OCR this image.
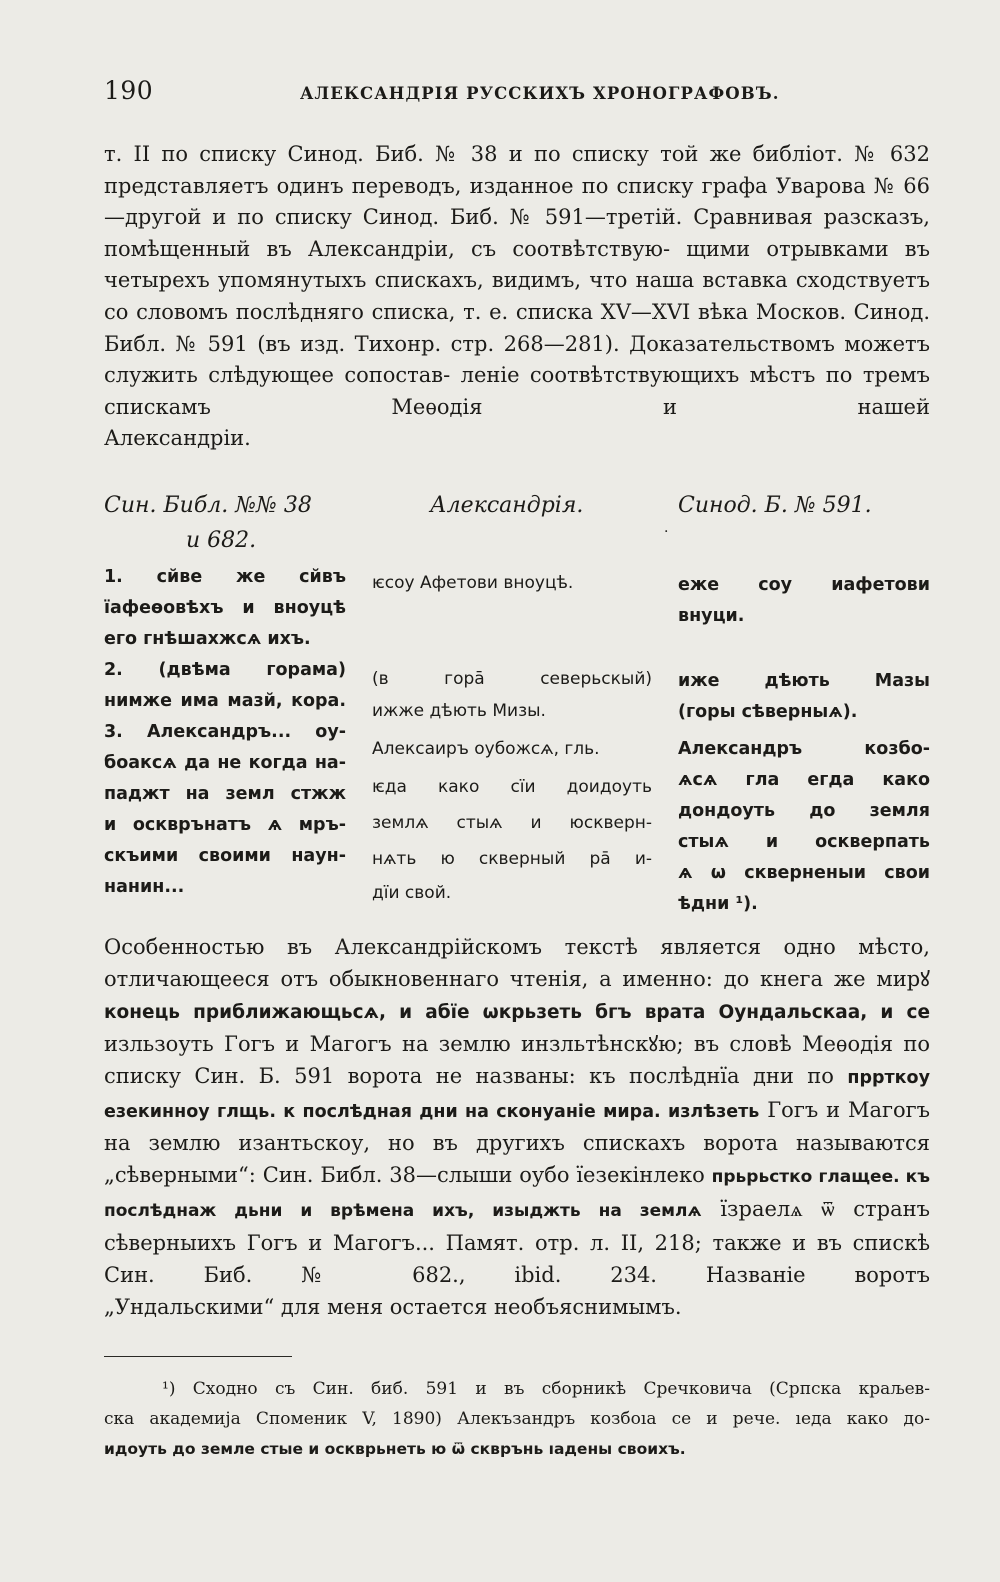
190	АЛЕКСАНДРІЯ РУССКИХЪ ХРОНОГРАФОВЪ.
т. II по списку Синод. Биб. № 38 и по списку той же библіот. № 632 представляетъ одинъ переводъ, изданное по списку графа Уварова № 66—другой и по списку Синод. Биб. № 591—третій. Сравнивая разсказъ, помѣщенный въ Александріи, съ соотвѣтствую- щими отрывками въ четырехъ упомянутыхъ спискахъ, видимъ, что наша вставка сходствуетъ со словомъ послѣдняго списка, т. е. списка XV—XVI вѣка Москов. Синод. Библ. № 591 (въ изд. Тихонр. стр. 268—281). Доказательствомъ можетъ служить слѣдующее сопостав- леніе соотвѣтствующихъ мѣстъ по тремъ спискамъ Меѳодія и нашей
Александріи.
Син. Библ. №№ 38
и 682.
Александрія.	Синод. Б. № 591.
·
1. сйве же сйвъ
їафеѳовѣхъ и вноуцѣ
его гнѣшахжсѧ ихъ.
2. (двѣма горама)
нимже има мазй, кора.
3. Александръ... оу-
боаксѧ да не когда на-
паджт на земл стжж
и оскврънатъ ѧ мръ-
скъими своими наун-
нанин...
ѥсоу Афетови вноуцѣ.
(в горā северьскый)
ижже дѣють Мизы.
Алексаиръ оубожсѧ, гль.
ѥда како сїи доидоуть
землѧ стыѧ и юскверн-
нѧть ю скверный ра̄ и-
дїи свой.
еже соу иафетови
внуци.
иже дѣють Мазы
(горы сѣверныѧ).
Александръ козбо-
ѧсѧ гла егда како
дондоуть до земля
стыѧ и оскверпать
ѧ ѡ скверненыи свои
ѣдни ¹).
Особенностью въ Александрійскомъ текстѣ является одно мѣсто, отличающееся отъ обыкновеннаго чтенія, а именно: до кнега же мирꙋ конець приближающьсѧ, и абїе ѡкрьзеть бгъ врата Оундальскаа, и се изльзоуть Гогъ и Магогъ на землю инзльтѣнскꙋю; въ словѣ Меѳодія по списку Син. Б. 591 ворота не названы: къ послѣднїа дни по пррткоу езекинноу глщь. к послѣдная дни на сконуаніе мира. излѣзеть Гогъ и Магогъ на землю изантьскоу, но въ другихъ спискахъ ворота называются „сѣверными“: Син. Библ. 38—слыши оубо їезекінлеко прьрьстко глащее. къ послѣднаж дьни и врѣмена ихъ, изыджть на землѧ їзраелѧ ѿ странъ сѣверныихъ Гогъ и Магогъ... Памят. отр. л. II, 218; также и въ спискѣ Син. Биб. № 682., ibid. 234. Названіе воротъ
„Ундальскими“ для меня остается необъяснимымъ.
¹) Сходно съ Син. биб. 591 и въ сборникѣ Сречковича (Српска краљев-
ска академија Споменик V, 1890) Алекъзандръ козбоıа се и рече. ıеда како до-
идоуть до земле стые и оскврьнеть ю ѿ скврънь ıадены своихъ.
